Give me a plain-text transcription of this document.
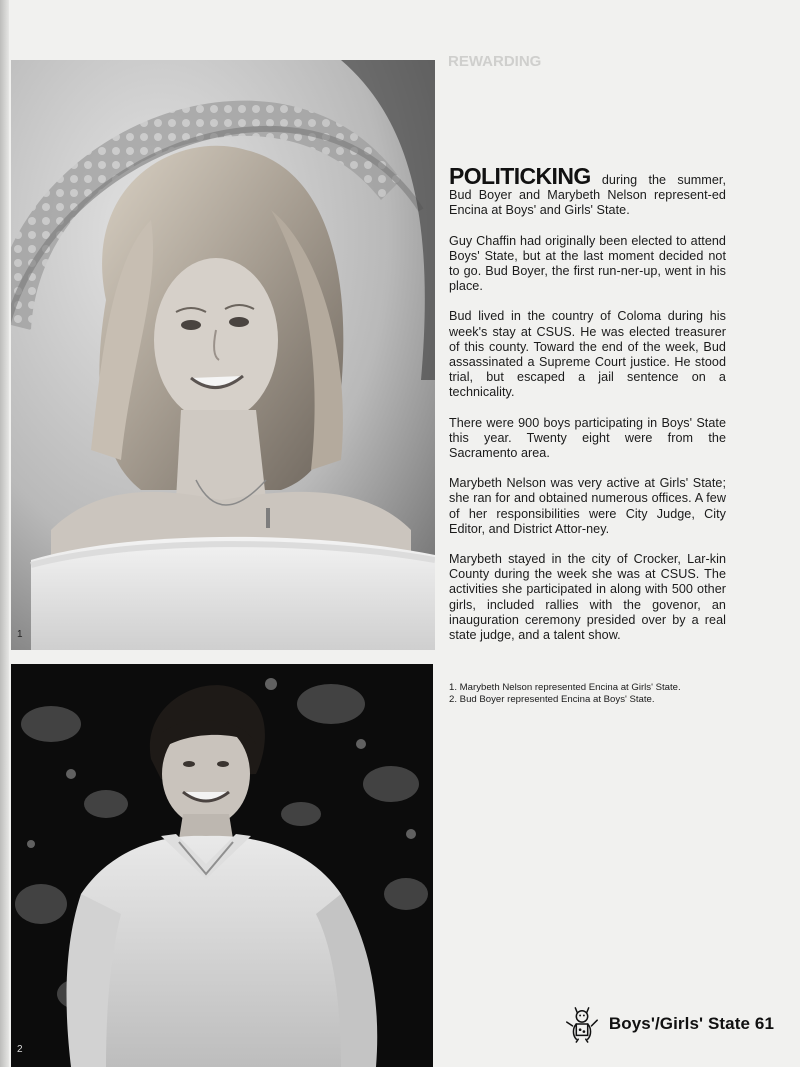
REWARDING
1
2

POLITICKING during the summer, Bud Boyer and Marybeth Nelson represent-ed Encina at Boys' and Girls' State.

Guy Chaffin had originally been elected to attend Boys' State, but at the last moment decided not to go. Bud Boyer, the first run-ner-up, went in his place.

Bud lived in the country of Coloma during his week's stay at CSUS. He was elected treasurer of this county. Toward the end of the week, Bud assassinated a Supreme Court justice. He stood trial, but escaped a jail sentence on a technicality.

There were 900 boys participating in Boys' State this year. Twenty eight were from the Sacramento area.

Marybeth Nelson was very active at Girls' State; she ran for and obtained numerous offices. A few of her responsibilities were City Judge, City Editor, and District Attor-ney.

Marybeth stayed in the city of Crocker, Lar-kin County during the week she was at CSUS. The activities she participated in along with 500 other girls, included rallies with the govenor, an inauguration ceremony presided over by a real state judge, and a talent show.

1. Marybeth Nelson represented Encina at Girls' State.
2. Bud Boyer represented Encina at Boys' State.
Boys'/Girls' State 61
